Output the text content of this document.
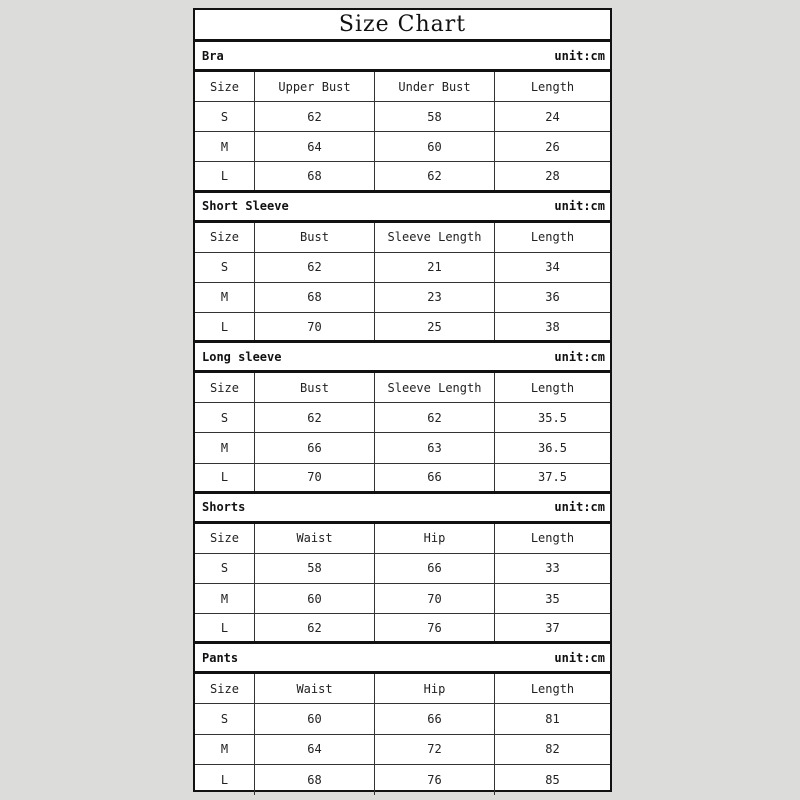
Size Chart
Bra	unit:cm
Size	Upper Bust	Under Bust	Length
S	62	58	24
M	64	60	26
L	68	62	28
Short Sleeve	unit:cm
Size	Bust	Sleeve Length	Length
S	62	21	34
M	68	23	36
L	70	25	38
Long sleeve	unit:cm
Size	Bust	Sleeve Length	Length
S	62	62	35.5
M	66	63	36.5
L	70	66	37.5
Shorts	unit:cm
Size	Waist	Hip	Length
S	58	66	33
M	60	70	35
L	62	76	37
Pants	unit:cm
Size	Waist	Hip	Length
S	60	66	81
M	64	72	82
L	68	76	85
